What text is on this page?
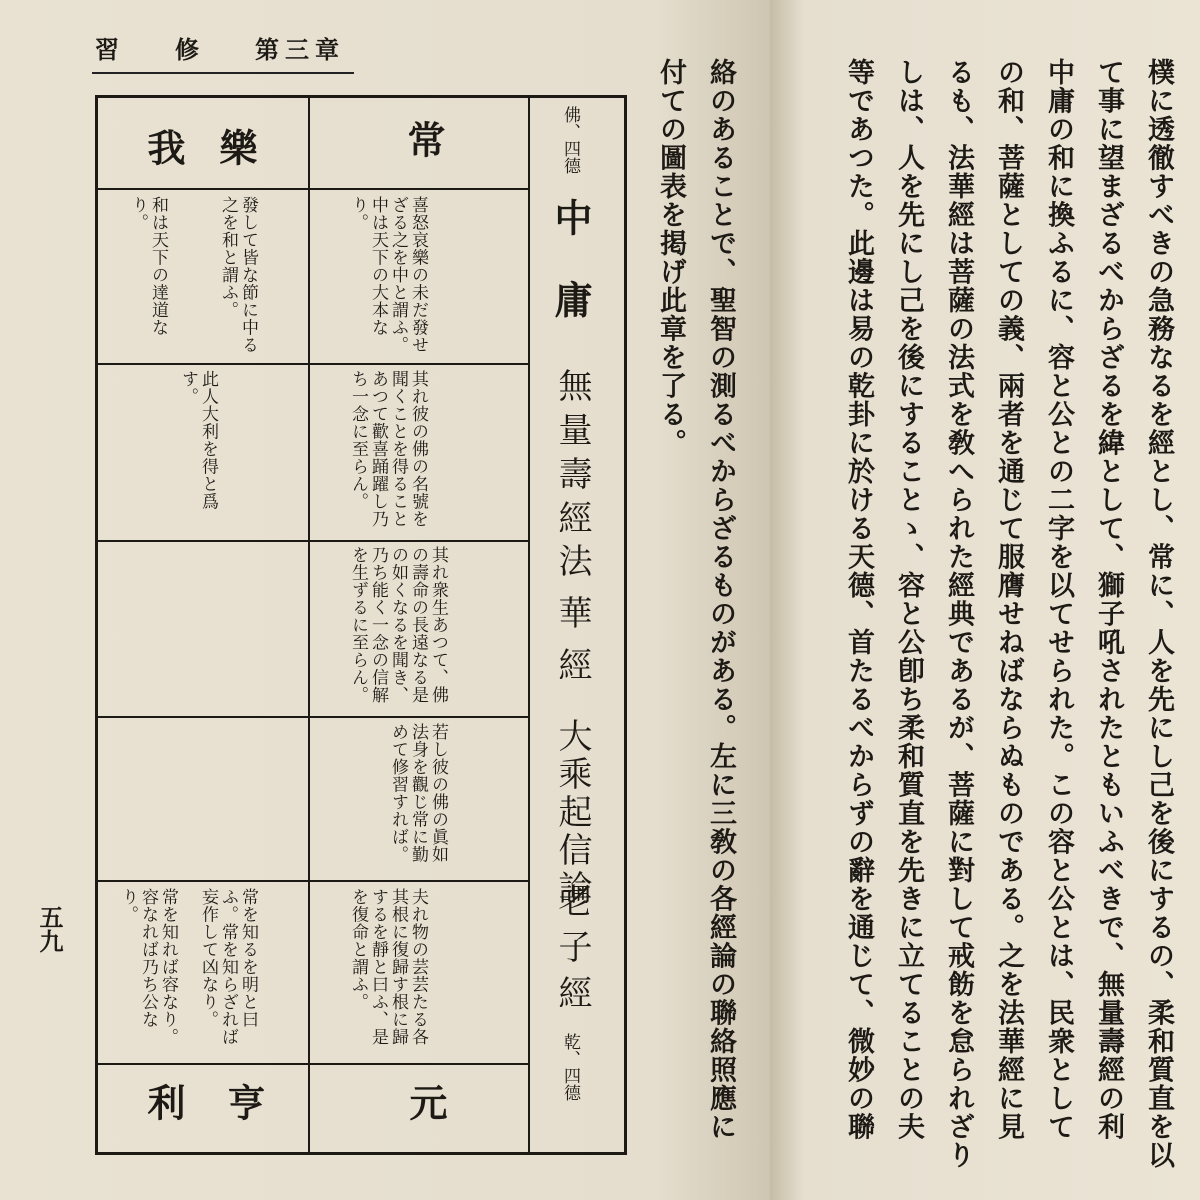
第三章
修
習
五九
常
樂
我
元
亨
利
佛、四德
中庸
無量壽經
法華經
大乘起信論
老子經
乾、四德
喜怒哀樂の未だ發せざる之を中と謂ふ。中は天下の大本なり。
發して皆な節に中る之を和と謂ふ。
和は天下の達道なり。
其れ彼の佛の名號を聞くことを得ることあつて歡喜踊躍し乃ち一念に至らん。
此人大利を得と爲す。
其れ衆生あつて、佛の壽命の長遠なる是の如くなるを聞き、乃ち能く一念の信解を生ずるに至らん。
若し彼の佛の眞如法身を觀じ常に勤めて修習すれば。
夫れ物の芸芸たる各其根に復歸す根に歸するを靜と曰ふ、是を復命と謂ふ。
常を知るを明と曰ふ。常を知らざれば妄作して凶なり。
常を知れば容なり。容なれば乃ち公なり。	絡のあることで、聖智の測るべからざるものがある。左に三敎の各經論の聯絡照應に
付ての圖表を掲げ此章を了る。	樸に透徹すべきの急務なるを經とし、常に、人を先にし己を後にするの、柔和質直を以
て事に望まざるべからざるを緯として、獅子吼されたともいふべきで、無量壽經の利
中庸の和に換ふるに、容と公との二字を以てせられた。この容と公とは、民衆として
の和、菩薩としての義、兩者を通じて服膺せねばならぬものである。之を法華經に見
るも、法華經は菩薩の法式を敎へられた經典であるが、菩薩に對して戒飭を怠られざり
しは、人を先にし己を後にすることゝ、容と公卽ち柔和質直を先きに立てることの夫
等であつた。此邊は易の乾卦に於ける天德、首たるべからずの辭を通じて、微妙の聯
